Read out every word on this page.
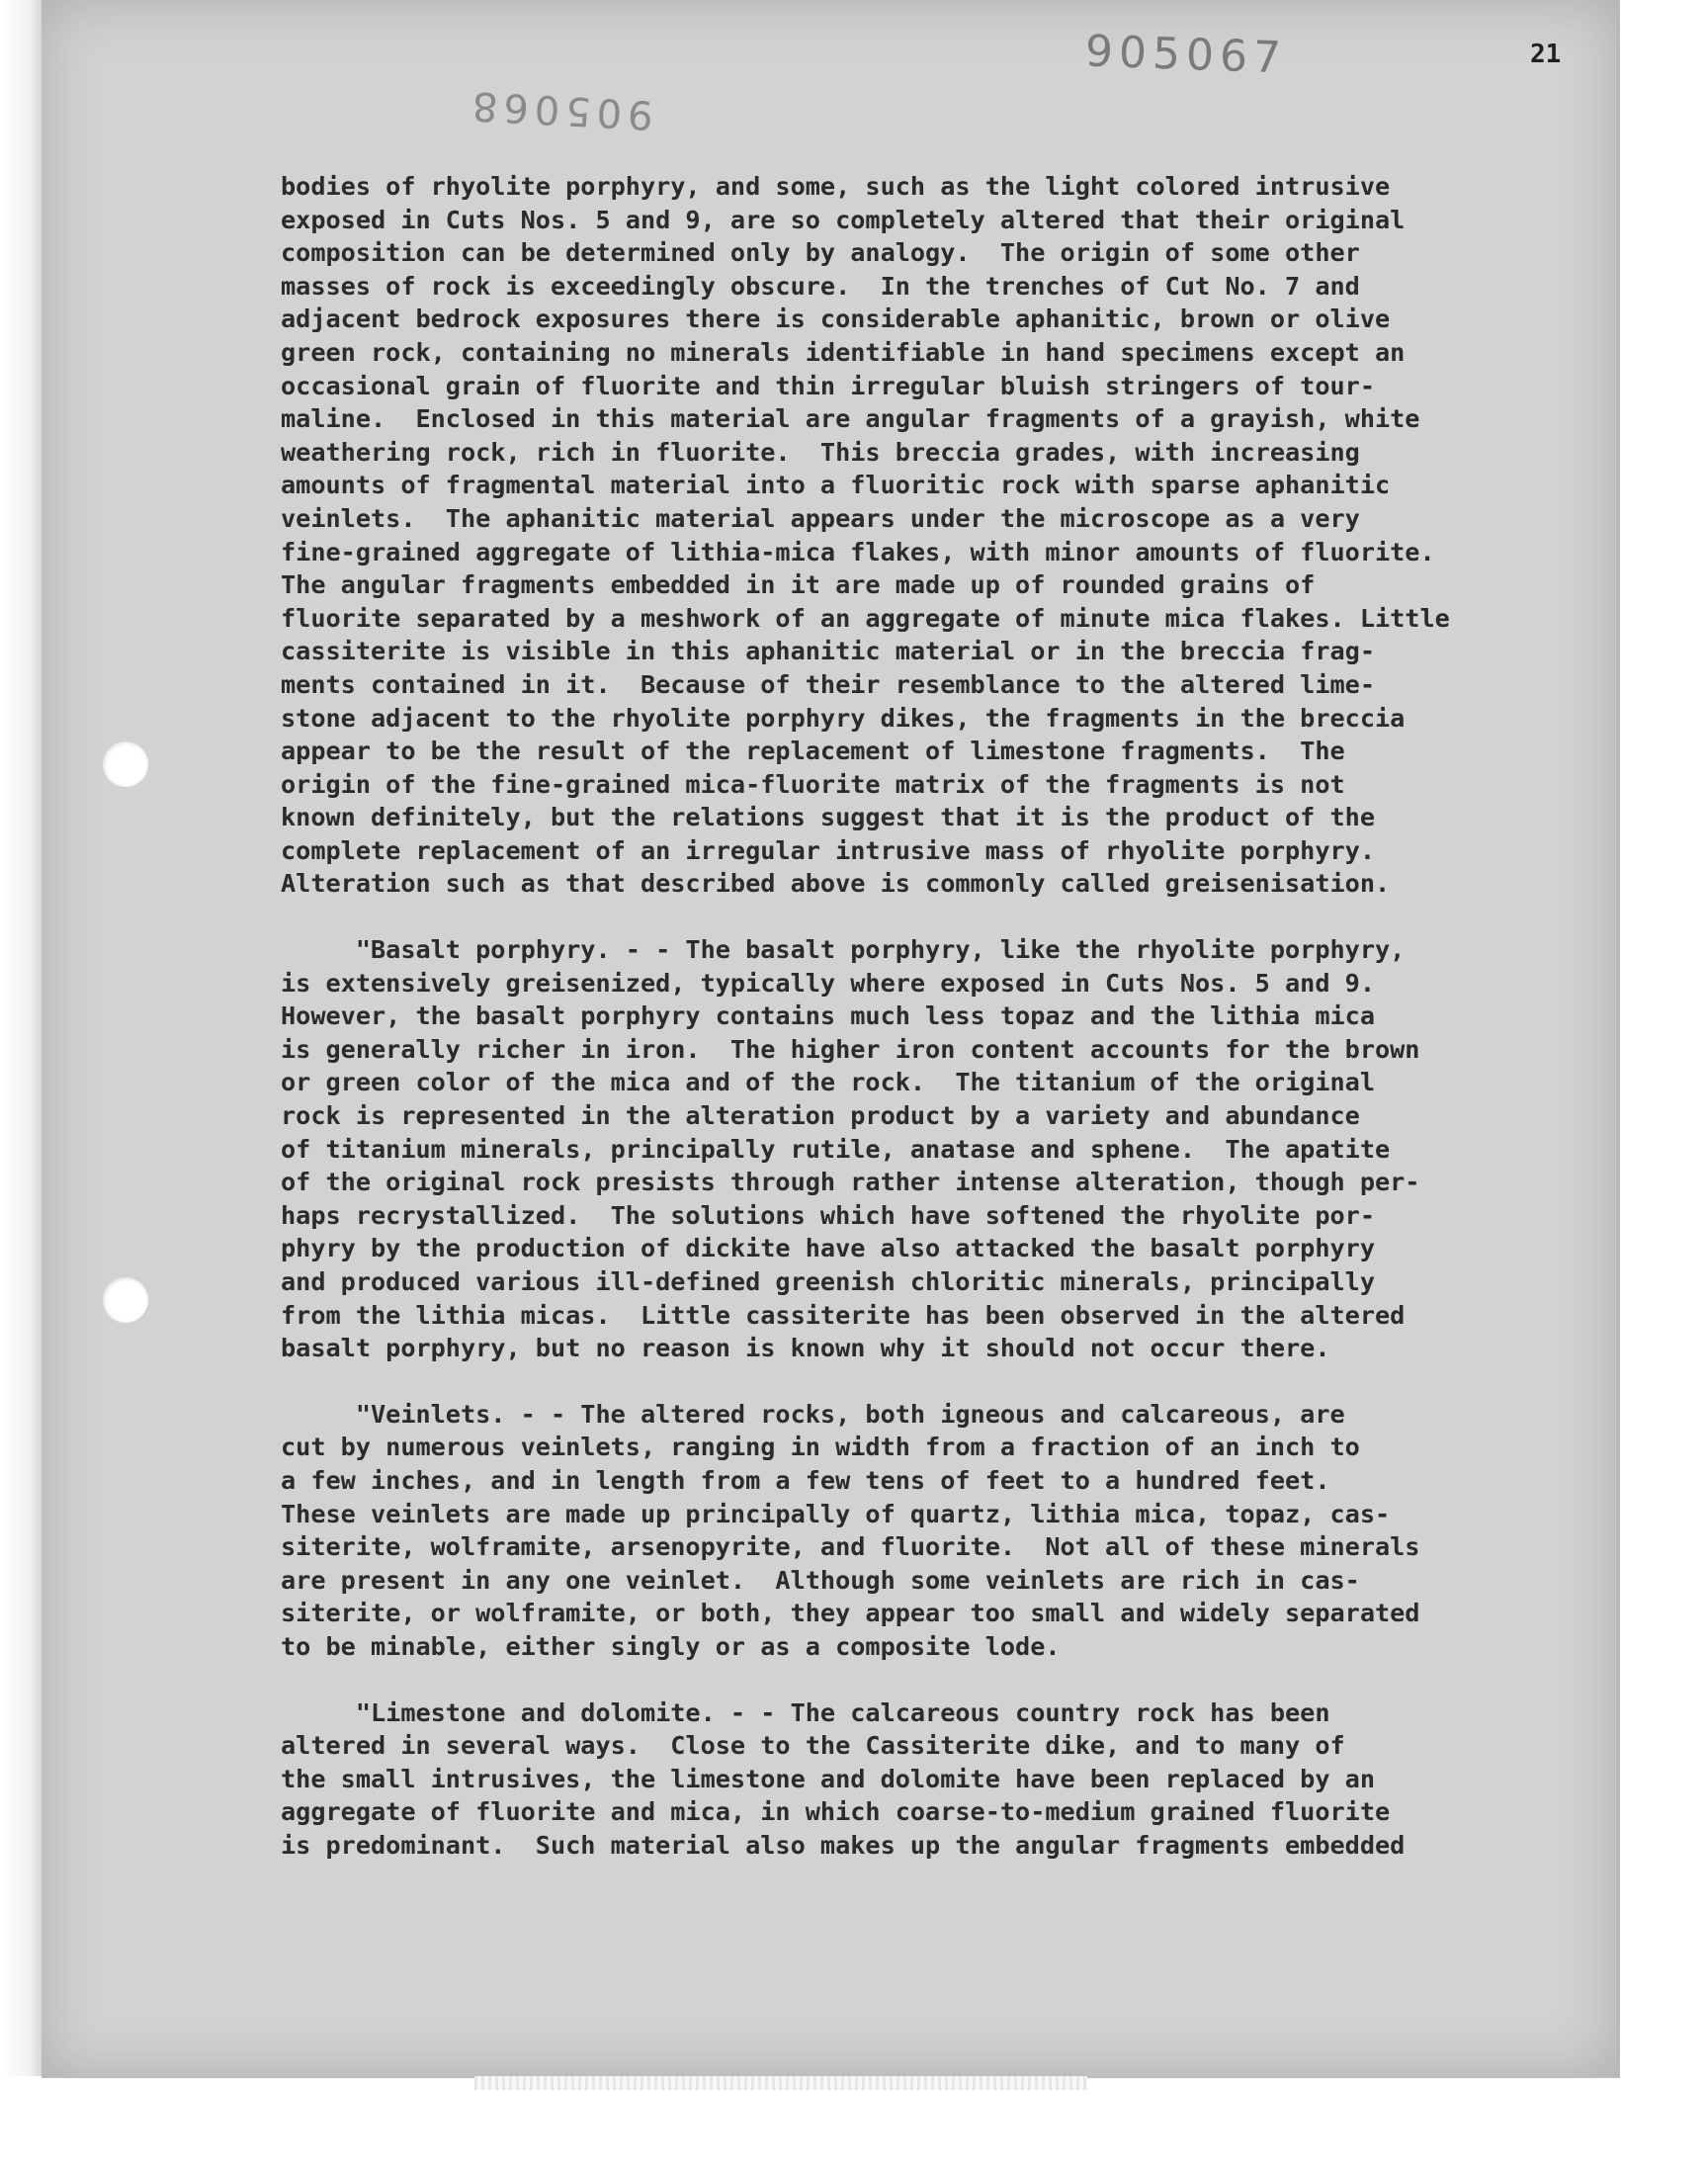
905067
905068
21
bodies of rhyolite porphyry, and some, such as the light colored intrusive
exposed in Cuts Nos. 5 and 9, are so completely altered that their original
composition can be determined only by analogy.  The origin of some other
masses of rock is exceedingly obscure.  In the trenches of Cut No. 7 and
adjacent bedrock exposures there is considerable aphanitic, brown or olive
green rock, containing no minerals identifiable in hand specimens except an
occasional grain of fluorite and thin irregular bluish stringers of tour-
maline.  Enclosed in this material are angular fragments of a grayish, white
weathering rock, rich in fluorite.  This breccia grades, with increasing
amounts of fragmental material into a fluoritic rock with sparse aphanitic
veinlets.  The aphanitic material appears under the microscope as a very
fine-grained aggregate of lithia-mica flakes, with minor amounts of fluorite.
The angular fragments embedded in it are made up of rounded grains of
fluorite separated by a meshwork of an aggregate of minute mica flakes. Little
cassiterite is visible in this aphanitic material or in the breccia frag-
ments contained in it.  Because of their resemblance to the altered lime-
stone adjacent to the rhyolite porphyry dikes, the fragments in the breccia
appear to be the result of the replacement of limestone fragments.  The
origin of the fine-grained mica-fluorite matrix of the fragments is not
known definitely, but the relations suggest that it is the product of the
complete replacement of an irregular intrusive mass of rhyolite porphyry.
Alteration such as that described above is commonly called greisenisation.
"Basalt porphyry. - - The basalt porphyry, like the rhyolite porphyry,
is extensively greisenized, typically where exposed in Cuts Nos. 5 and 9.
However, the basalt porphyry contains much less topaz and the lithia mica
is generally richer in iron.  The higher iron content accounts for the brown
or green color of the mica and of the rock.  The titanium of the original
rock is represented in the alteration product by a variety and abundance
of titanium minerals, principally rutile, anatase and sphene.  The apatite
of the original rock presists through rather intense alteration, though per-
haps recrystallized.  The solutions which have softened the rhyolite por-
phyry by the production of dickite have also attacked the basalt porphyry
and produced various ill-defined greenish chloritic minerals, principally
from the lithia micas.  Little cassiterite has been observed in the altered
basalt porphyry, but no reason is known why it should not occur there.
"Veinlets. - - The altered rocks, both igneous and calcareous, are
cut by numerous veinlets, ranging in width from a fraction of an inch to
a few inches, and in length from a few tens of feet to a hundred feet.
These veinlets are made up principally of quartz, lithia mica, topaz, cas-
siterite, wolframite, arsenopyrite, and fluorite.  Not all of these minerals
are present in any one veinlet.  Although some veinlets are rich in cas-
siterite, or wolframite, or both, they appear too small and widely separated
to be minable, either singly or as a composite lode.
"Limestone and dolomite. - - The calcareous country rock has been
altered in several ways.  Close to the Cassiterite dike, and to many of
the small intrusives, the limestone and dolomite have been replaced by an
aggregate of fluorite and mica, in which coarse-to-medium grained fluorite
is predominant.  Such material also makes up the angular fragments embedded
